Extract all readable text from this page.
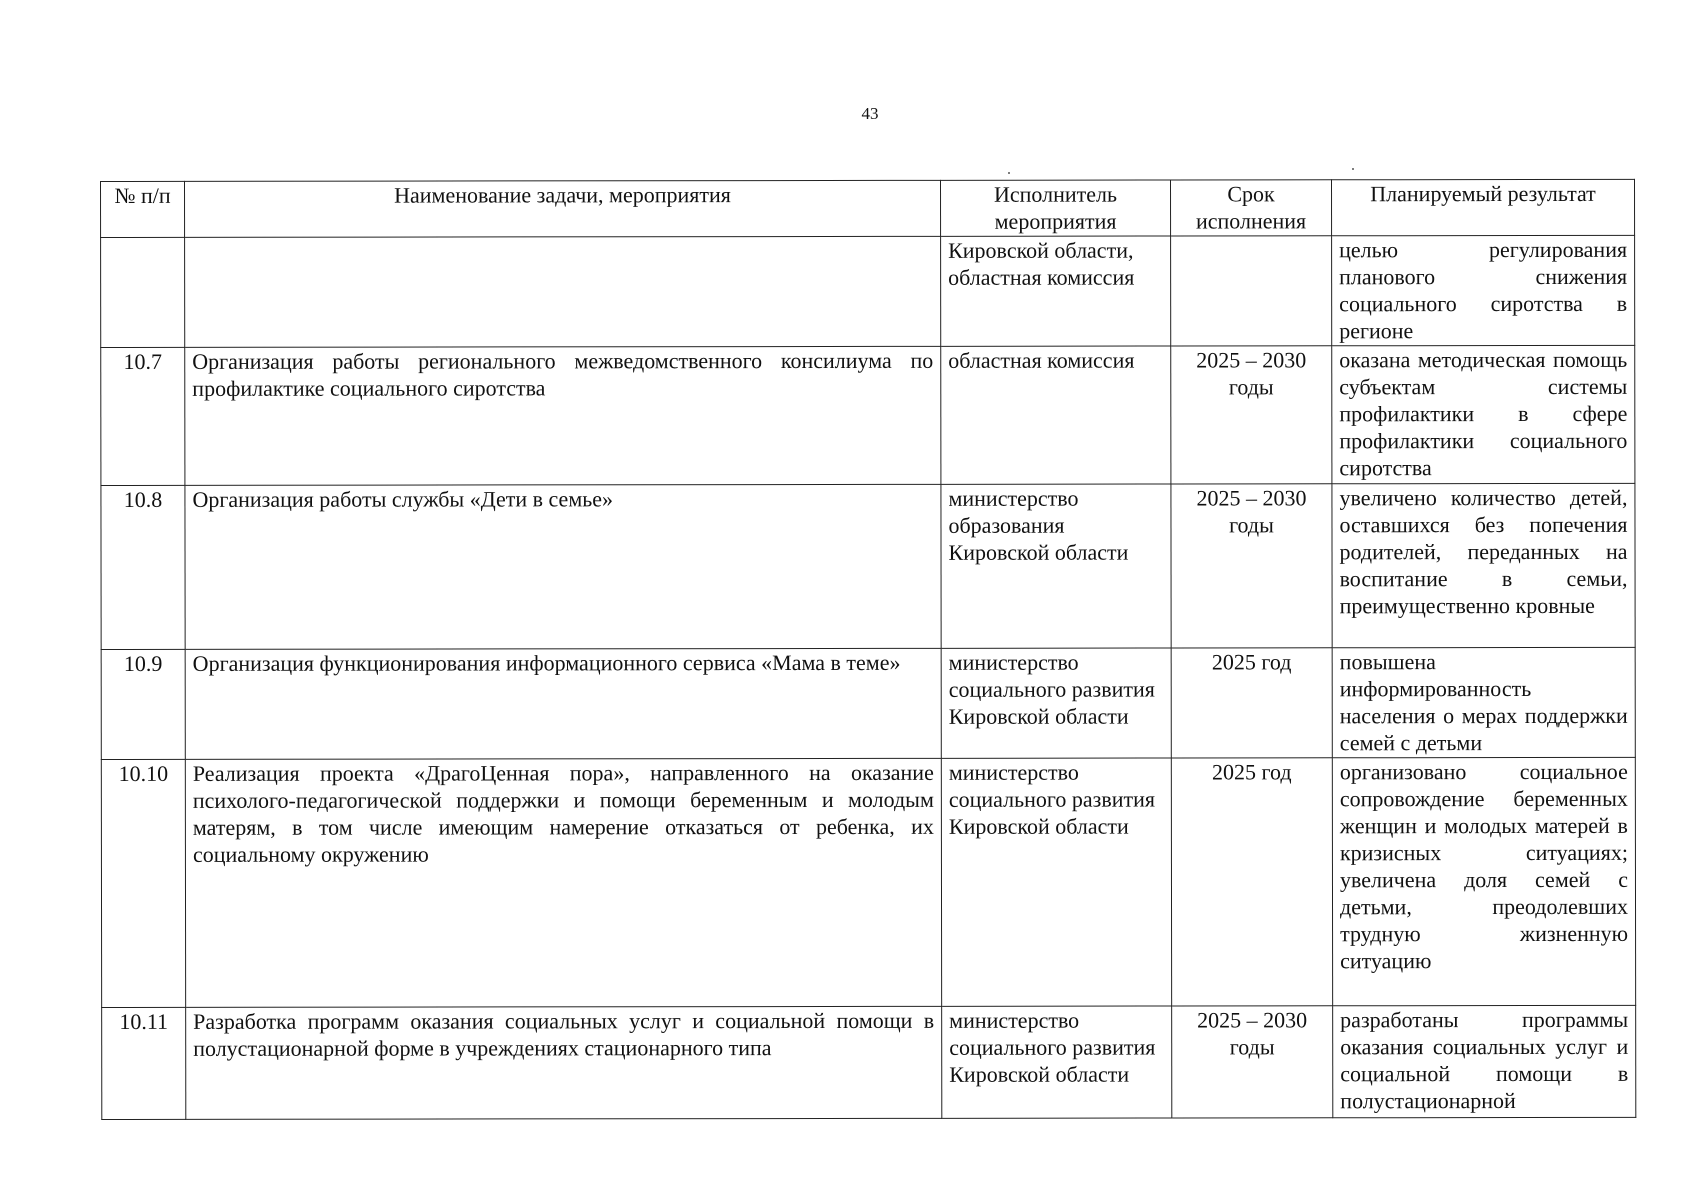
43
№ п/п	Наименование задачи, мероприятия	Исполнитель мероприятия	Срок исполнения	Планируемый результат
		Кировской области, областная комиссия		целью регулирования планового снижения социального сиротства в регионе
10.7	Организация работы регионального межведомственного консилиума по профилактике социального сиротства	областная комиссия	2025 – 2030 годы	оказана методическая помощь субъектам системы профилактики в сфере профилактики социального сиротства
10.8	Организация работы службы «Дети в семье»	министерство образования Кировской области	2025 – 2030 годы	увеличено количество детей, оставшихся без попечения родителей, переданных на воспитание в семьи, преимущественно кровные
10.9	Организация функционирования информационного сервиса «Мама в теме»	министерство социального развития Кировской области	2025 год	повышена информированность населения о мерах поддержки семей с детьми
10.10	Реализация проекта «ДрагоЦенная пора», направленного на оказание психолого-педагогической поддержки и помощи беременным и молодым матерям, в том числе имеющим намерение отказаться от ребенка, их социальному окружению	министерство социального развития Кировской области	2025 год	организовано социальное сопровождение беременных женщин и молодых матерей в кризисных ситуациях; увеличена доля семей с детьми, преодолевших трудную жизненную ситуацию
10.11	Разработка программ оказания социальных услуг и социальной помощи в полустационарной форме в учреждениях стационарного типа	министерство социального развития Кировской области	2025 – 2030 годы	разработаны программы оказания социальных услуг и социальной помощи в полустационарной
